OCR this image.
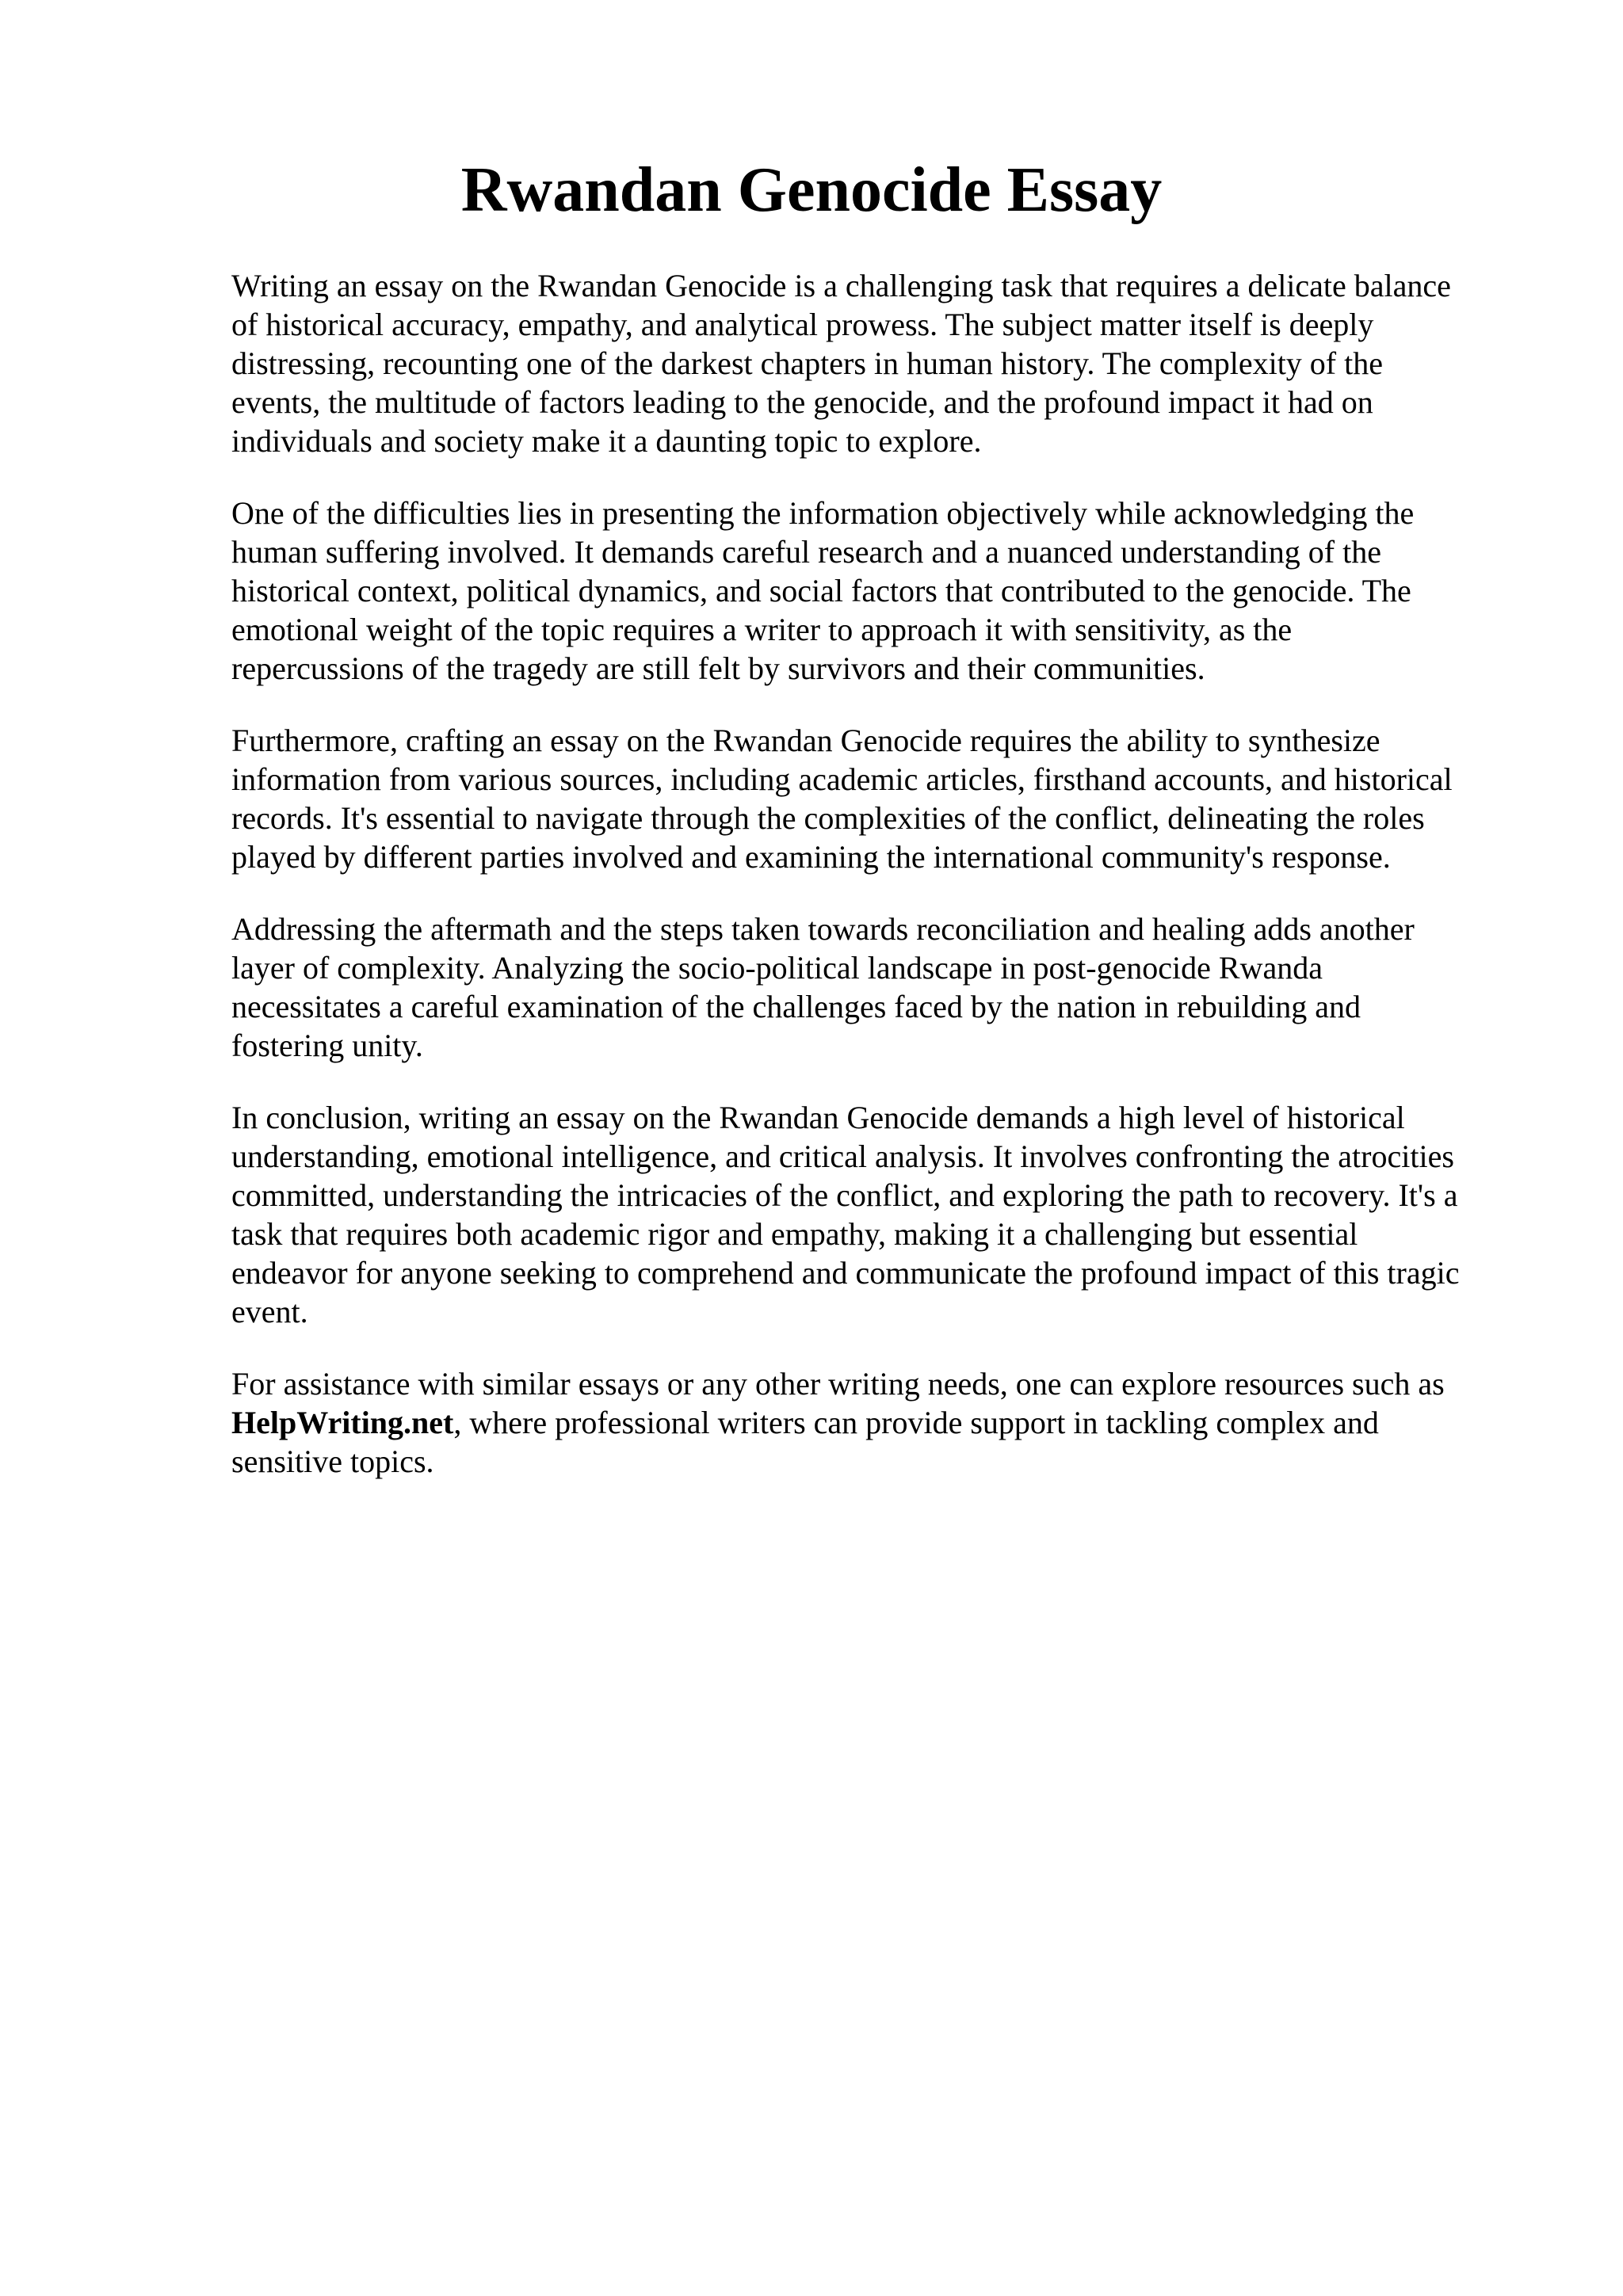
Rwandan Genocide Essay

Writing an essay on the Rwandan Genocide is a challenging task that requires a delicate balance
of historical accuracy, empathy, and analytical prowess. The subject matter itself is deeply
distressing, recounting one of the darkest chapters in human history. The complexity of the
events, the multitude of factors leading to the genocide, and the profound impact it had on
individuals and society make it a daunting topic to explore.

One of the difficulties lies in presenting the information objectively while acknowledging the
human suffering involved. It demands careful research and a nuanced understanding of the
historical context, political dynamics, and social factors that contributed to the genocide. The
emotional weight of the topic requires a writer to approach it with sensitivity, as the
repercussions of the tragedy are still felt by survivors and their communities.

Furthermore, crafting an essay on the Rwandan Genocide requires the ability to synthesize
information from various sources, including academic articles, firsthand accounts, and historical
records. It's essential to navigate through the complexities of the conflict, delineating the roles
played by different parties involved and examining the international community's response.

Addressing the aftermath and the steps taken towards reconciliation and healing adds another
layer of complexity. Analyzing the socio-political landscape in post-genocide Rwanda
necessitates a careful examination of the challenges faced by the nation in rebuilding and
fostering unity.

In conclusion, writing an essay on the Rwandan Genocide demands a high level of historical
understanding, emotional intelligence, and critical analysis. It involves confronting the atrocities
committed, understanding the intricacies of the conflict, and exploring the path to recovery. It's a
task that requires both academic rigor and empathy, making it a challenging but essential
endeavor for anyone seeking to comprehend and communicate the profound impact of this tragic
event.

For assistance with similar essays or any other writing needs, one can explore resources such as
HelpWriting.net, where professional writers can provide support in tackling complex and
sensitive topics.
